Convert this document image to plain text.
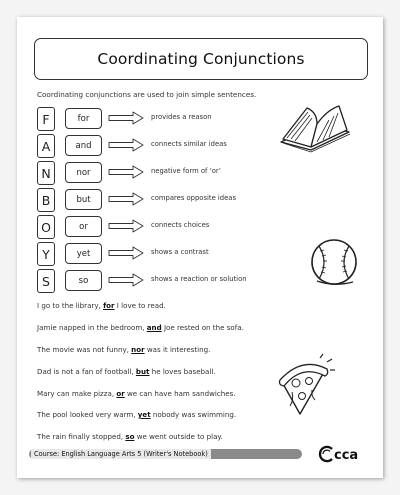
Coordinating Conjunctions
Coordinating conjunctions are used to join simple sentences.
F	for	provides a reason
A	and	connects similar ideas
N	nor	negative form of ‘or’
B	but	compares opposite ideas
O	or	connects choices
Y	yet	shows a contrast
S	so	shows a reaction or solution
I go to the library, for I love to read.
Jamie napped in the bedroom, and Joe rested on the sofa.
The movie was not funny, nor was it interesting.
Dad is not a fan of football, but he loves baseball.
Mary can make pizza, or we can have ham sandwiches.
The pool looked very warm, yet nobody was swimming.
The rain finally stopped, so we went outside to play.
Course: English Language Arts 5 (Writer's Notebook)	cca
